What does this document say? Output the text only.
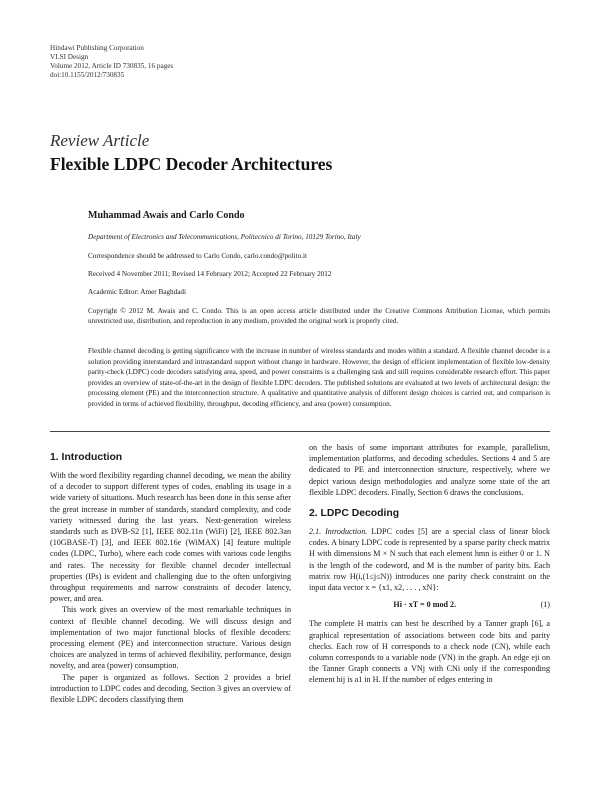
Hindawi Publishing Corporation
VLSI Design
Volume 2012, Article ID 730835, 16 pages
doi:10.1155/2012/730835
Review Article
Flexible LDPC Decoder Architectures
Muhammad Awais and Carlo Condo
Department of Electronics and Telecommunications, Politecnico di Torino, 10129 Torino, Italy
Correspondence should be addressed to Carlo Condo, carlo.condo@polito.it
Received 4 November 2011; Revised 14 February 2012; Accepted 22 February 2012
Academic Editor: Amer Baghdadi
Copyright © 2012 M. Awais and C. Condo. This is an open access article distributed under the Creative Commons Attribution License, which permits unrestricted use, distribution, and reproduction in any medium, provided the original work is properly cited.
Flexible channel decoding is getting significance with the increase in number of wireless standards and modes within a standard. A flexible channel decoder is a solution providing interstandard and intrastandard support without change in hardware. However, the design of efficient implementation of flexible low-density parity-check (LDPC) code decoders satisfying area, speed, and power constraints is a challenging task and still requires considerable research effort. This paper provides an overview of state-of-the-art in the design of flexible LDPC decoders. The published solutions are evaluated at two levels of architectural design: the processing element (PE) and the interconnection structure. A qualitative and quantitative analysis of different design choices is carried out, and comparison is provided in terms of achieved flexibility, throughput, decoding efficiency, and area (power) consumption.
1. Introduction

With the word flexibility regarding channel decoding, we mean the ability of a decoder to support different types of codes, enabling its usage in a wide variety of situations. Much research has been done in this sense after the great increase in number of standards, standard complexity, and code variety witnessed during the last years. Next-generation wireless standards such as DVB-S2 [1], IEEE 802.11n (WiFi) [2], IEEE 802.3an (10GBASE-T) [3], and IEEE 802.16e (WiMAX) [4] feature multiple codes (LDPC, Turbo), where each code comes with various code lengths and rates. The necessity for flexible channel decoder intellectual properties (IPs) is evident and challenging due to the often unforgiving throughput requirements and narrow constraints of decoder latency, power, and area.

This work gives an overview of the most remarkable techniques in context of flexible channel decoding. We will discuss design and implementation of two major functional blocks of flexible decoders: processing element (PE) and interconnection structure. Various design choices are analyzed in terms of achieved flexibility, performance, design novelty, and area (power) consumption.

The paper is organized as follows. Section 2 provides a brief introduction to LDPC codes and decoding. Section 3 gives an overview of flexible LDPC decoders classifying them

on the basis of some important attributes for example, parallelism, implementation platforms, and decoding schedules. Sections 4 and 5 are dedicated to PE and interconnection structure, respectively, where we depict various design methodologies and analyze some state of the art flexible LDPC decoders. Finally, Section 6 draws the conclusions.

2. LDPC Decoding

2.1. Introduction. LDPC codes [5] are a special class of linear block codes. A binary LDPC code is represented by a sparse parity check matrix H with dimensions M × N such that each element hmn is either 0 or 1. N is the length of the codeword, and M is the number of parity bits. Each matrix row H(i,(1≤j≤N)) introduces one parity check constraint on the input data vector x = {x1, x2, . . . , xN}:

Hi · xT = 0 mod 2.	(1)

The complete H matrix can best be described by a Tanner graph [6], a graphical representation of associations between code bits and parity checks. Each row of H corresponds to a check node (CN), while each column corresponds to a variable node (VN) in the graph. An edge eji on the Tanner Graph connects a VNj with CNi only if the corresponding element hij is a1 in H. If the number of edges entering in
